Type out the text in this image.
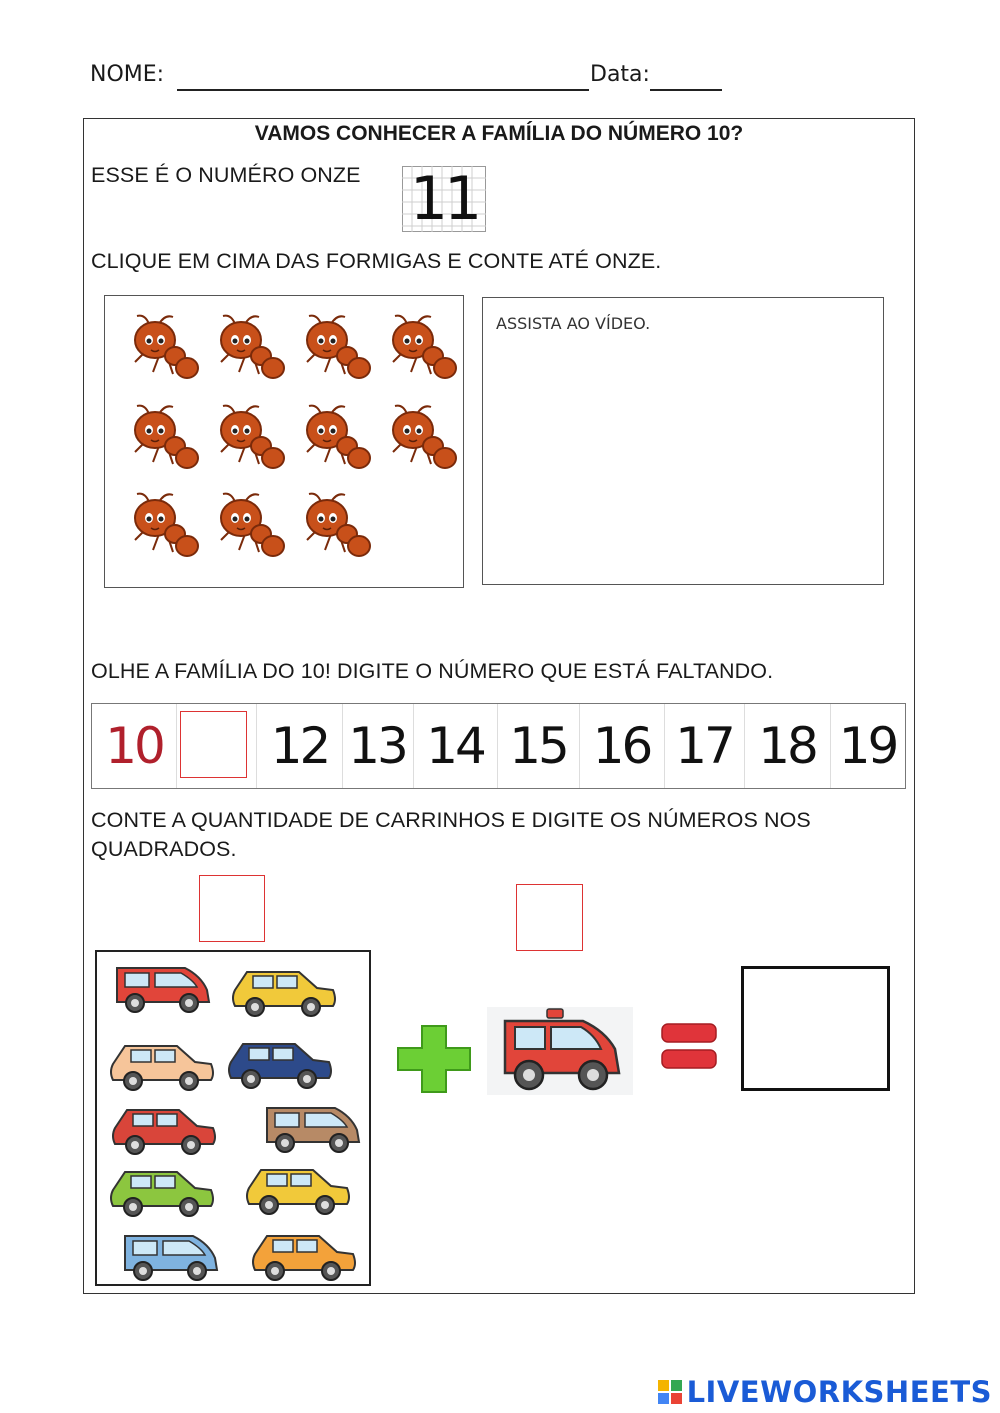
NOME:	Data:
VAMOS CONHECER A FAMÍLIA DO NÚMERO 10?
ESSE É O NUMÉRO ONZE 11
CLIQUE EM CIMA DAS FORMIGAS E CONTE ATÉ ONZE.
ASSISTA AO VÍDEO.
OLHE A FAMÍLIA DO 10! DIGITE O NÚMERO QUE ESTÁ FALTANDO.
10 12 13 14 15 16 17 18 19
CONTE A QUANTIDADE DE CARRINHOS E DIGITE OS NÚMEROS NOS
QUADRADOS.
LIVEWORKSHEETS
